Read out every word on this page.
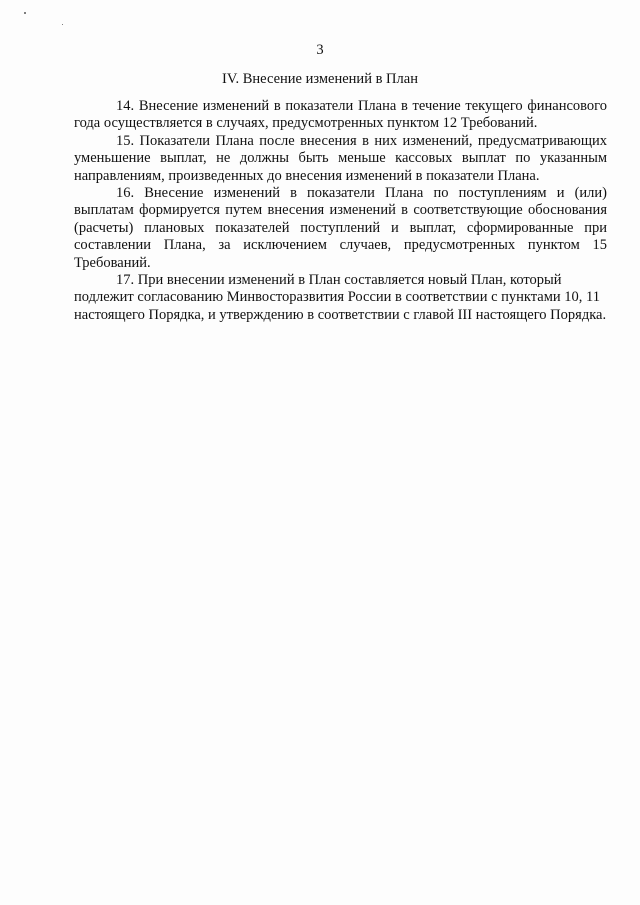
3
IV. Внесение изменений в План

14. Внесение изменений в показатели Плана в течение текущего финансового года осуществляется в случаях, предусмотренных пунктом 12 Требований.

15. Показатели Плана после внесения в них изменений, предусматривающих уменьшение выплат, не должны быть меньше кассовых выплат по указанным направлениям, произведенных до внесения изменений в показатели Плана.

16. Внесение изменений в показатели Плана по поступлениям и (или) выплатам формируется путем внесения изменений в соответствующие обоснования (расчеты) плановых показателей поступлений и выплат, сформированные при составлении Плана, за исключением случаев, предусмотренных пунктом 15 Требований.

17. При внесении изменений в План составляется новый План, который подлежит согласованию Минвосторазвития России в соответствии с пунктами 10, 11 настоящего Порядка, и утверждению в соответствии с главой III настоящего Порядка.
